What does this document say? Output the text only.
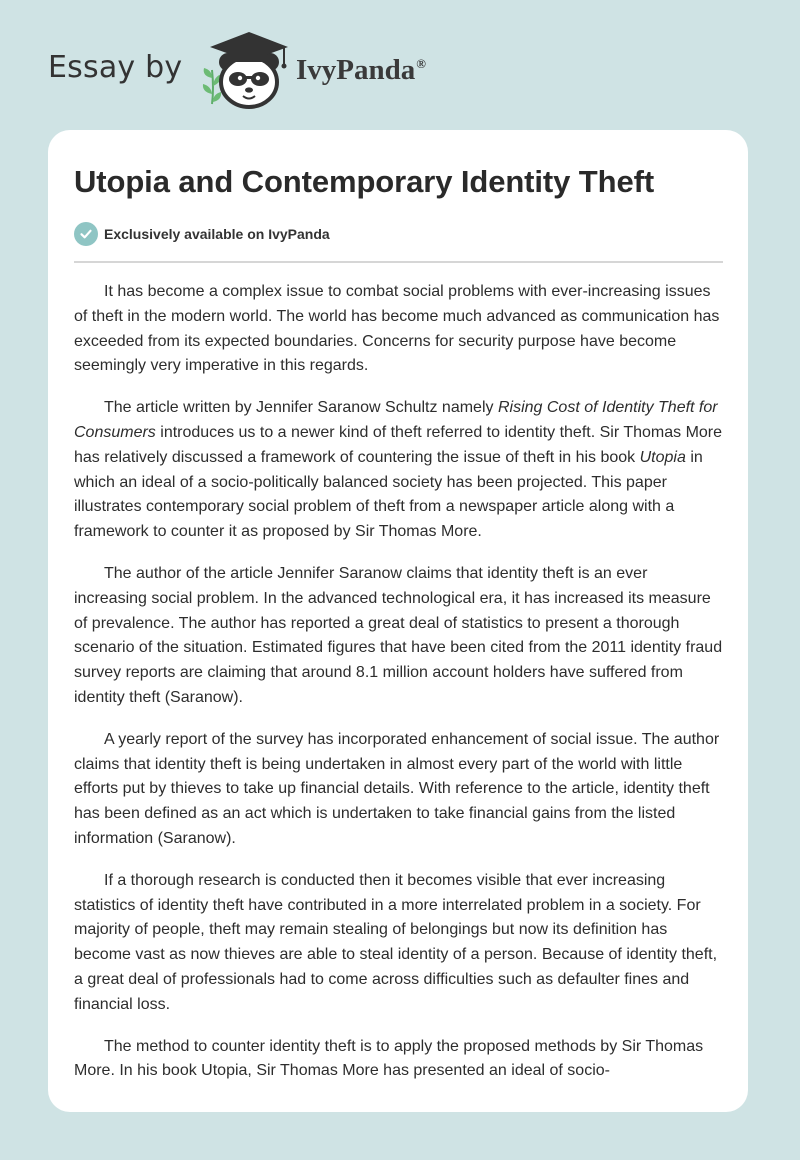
Essay by	IvyPanda®
Utopia and Contemporary Identity Theft
Exclusively available on IvyPanda

It has become a complex issue to combat social problems with ever-increasing issues of theft in the modern world. The world has become much advanced as communication has exceeded from its expected boundaries. Concerns for security purpose have become seemingly very imperative in this regards.

The article written by Jennifer Saranow Schultz namely Rising Cost of Identity Theft for Consumers introduces us to a newer kind of theft referred to identity theft. Sir Thomas More has relatively discussed a framework of countering the issue of theft in his book Utopia in which an ideal of a socio-politically balanced society has been projected. This paper illustrates contemporary social problem of theft from a newspaper article along with a framework to counter it as proposed by Sir Thomas More.

The author of the article Jennifer Saranow claims that identity theft is an ever increasing social problem. In the advanced technological era, it has increased its measure of prevalence. The author has reported a great deal of statistics to present a thorough scenario of the situation. Estimated figures that have been cited from the 2011 identity fraud survey reports are claiming that around 8.1 million account holders have suffered from identity theft (Saranow).

A yearly report of the survey has incorporated enhancement of social issue. The author claims that identity theft is being undertaken in almost every part of the world with little efforts put by thieves to take up financial details. With reference to the article, identity theft has been defined as an act which is undertaken to take financial gains from the listed information (Saranow).

If a thorough research is conducted then it becomes visible that ever increasing statistics of identity theft have contributed in a more interrelated problem in a society. For majority of people, theft may remain stealing of belongings but now its definition has become vast as now thieves are able to steal identity of a person. Because of identity theft, a great deal of professionals had to come across difficulties such as defaulter fines and financial loss.

The method to counter identity theft is to apply the proposed methods by Sir Thomas More. In his book Utopia, Sir Thomas More has presented an ideal of socio-
